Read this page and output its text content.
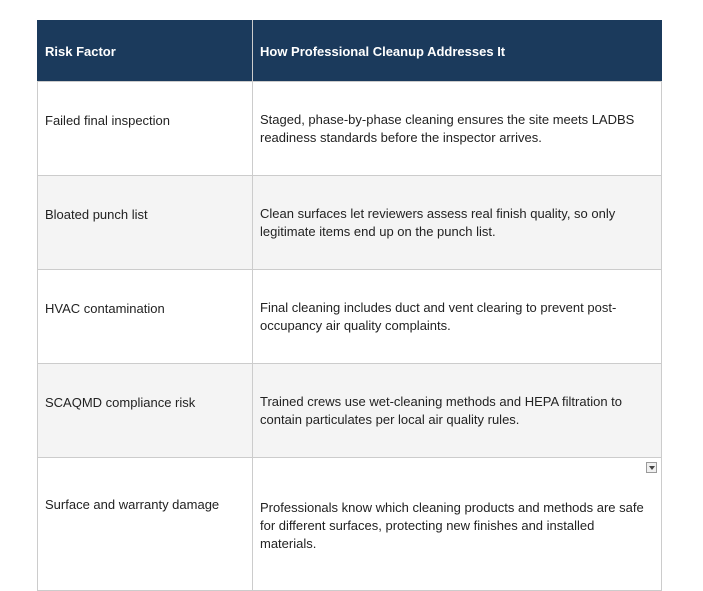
Risk Factor	How Professional Cleanup Addresses It
Failed final inspection	Staged, phase-by-phase cleaning ensures the site meets LADBS readiness standards before the inspector arrives.
Bloated punch list	Clean surfaces let reviewers assess real finish quality, so only legitimate items end up on the punch list.
HVAC contamination	Final cleaning includes duct and vent clearing to prevent post-occupancy air quality complaints.
SCAQMD compliance risk	Trained crews use wet-cleaning methods and HEPA filtration to contain particulates per local air quality rules.
Surface and warranty damage	Professionals know which cleaning products and methods are safe for different surfaces, protecting new finishes and installed materials.
